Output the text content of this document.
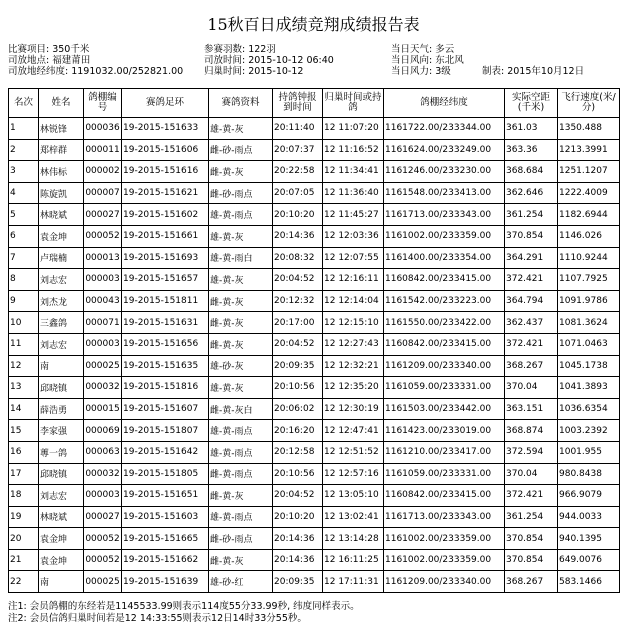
15秋百日成绩竞翔成绩报告表
比赛项目: 350千米	参赛羽数: 122羽	当日天气: 多云
司放地点: 福建莆田	司放时间: 2015-10-12 06:40	当日风向: 东北风
司放地经纬度: 1191032.00/252821.00 归巢时间: 2015-10-12	当日风力: 3级	制表: 2015年10月12日
名次	姓名	鸽棚编号	赛鸽足环	赛鸽资料	持鸽钟报到时间	归巢时间或持鸽	鸽棚经纬度	实际空距(千米)	飞行速度(米/分)
1	林锐锋	000036	19-2015-151633	雄-黄-灰	20:11:40	12 11:07:20	1161722.00/233344.00	361.03	1350.488
2	郑梓群	000011	19-2015-151606	雌-砂-雨点	20:07:37	12 11:16:52	1161624.00/233249.00	363.36	1213.3991
3	林伟标	000002	19-2015-151616	雌-黄-灰	20:22:58	12 11:34:41	1161246.00/233230.00	368.684	1251.1207
4	陈旋凯	000007	19-2015-151621	雌-砂-雨点	20:07:05	12 11:36:40	1161548.00/233413.00	362.646	1222.4009
5	林晓斌	000027	19-2015-151602	雄-黄-雨点	20:10:20	12 11:45:27	1161713.00/233343.00	361.254	1182.6944
6	袁金坤	000052	19-2015-151661	雄-黄-灰	20:14:36	12 12:03:36	1161002.00/233359.00	370.854	1146.026
7	卢瑞楠	000013	19-2015-151693	雄-黄-雨白	20:08:32	12 12:07:55	1161400.00/233354.00	364.291	1110.9244
8	刘志宏	000003	19-2015-151657	雄-黄-灰	20:04:52	12 12:16:11	1160842.00/233415.00	372.421	1107.7925
9	刘杰龙	000043	19-2015-151811	雌-黄-灰	20:12:32	12 12:14:04	1161542.00/233223.00	364.794	1091.9786
10	三鑫鸽	000071	19-2015-151631	雌-黄-灰	20:17:00	12 12:15:10	1161550.00/233422.00	362.437	1081.3624
11	刘志宏	000003	19-2015-151656	雌-黄-灰	20:04:52	12 12:27:43	1160842.00/233415.00	372.421	1071.0463
12	南	000025	19-2015-151635	雄-砂-灰	20:09:35	12 12:32:21	1161209.00/233340.00	368.267	1045.1738
13	邱晓镇	000032	19-2015-151816	雄-黄-灰	20:10:56	12 12:35:20	1161059.00/233331.00	370.04	1041.3893
14	薛浩勇	000015	19-2015-151607	雌-黄-灰白	20:06:02	12 12:30:19	1161503.00/233442.00	363.151	1036.6354
15	李家强	000069	19-2015-151807	雄-黄-雨点	20:16:20	12 12:47:41	1161423.00/233019.00	368.874	1003.2392
16	蓴一鸽	000063	19-2015-151642	雄-黄-雨点	20:12:58	12 12:51:52	1161210.00/233417.00	372.594	1001.955
17	邱晓镇	000032	19-2015-151805	雌-黄-雨点	20:10:56	12 12:57:16	1161059.00/233331.00	370.04	980.8438
18	刘志宏	000003	19-2015-151651	雌-黄-灰	20:04:52	12 13:05:10	1160842.00/233415.00	372.421	966.9079
19	林晓斌	000027	19-2015-151603	雄-黄-雨点	20:10:20	12 13:02:41	1161713.00/233343.00	361.254	944.0033
20	袁金坤	000052	19-2015-151665	雌-砂-雨点	20:14:36	12 13:14:28	1161002.00/233359.00	370.854	940.1395
21	袁金坤	000052	19-2015-151662	雌-黄-灰	20:14:36	12 16:11:25	1161002.00/233359.00	370.854	649.0076
22	南	000025	19-2015-151639	雄-砂-红	20:09:35	12 17:11:31	1161209.00/233340.00	368.267	583.1466
注1: 会员鸽棚的东经若是1145533.99则表示114度55分33.99秒, 纬度同样表示。
注2: 会员信鸽归巢时间若是12 14:33:55则表示12日14时33分55秒。
